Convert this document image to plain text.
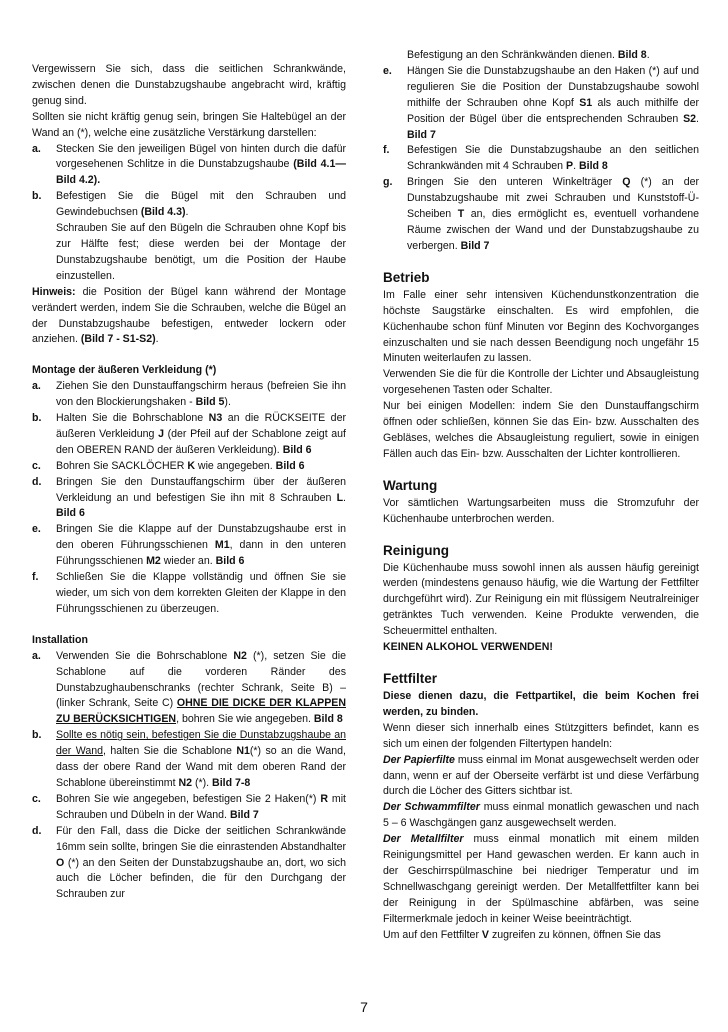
Vergewissern Sie sich, dass die seitlichen Schrankwände, zwischen denen die Dunstabzugshaube angebracht wird, kräftig genug sind.

Sollten sie nicht kräftig genug sein, bringen Sie Haltebügel an der Wand an (*), welche eine zusätzliche Verstärkung darstellen:

a.	Stecken Sie den jeweiligen Bügel von hinten durch die dafür vorgesehenen Schlitze in die Dunstabzugshaube (Bild 4.1—Bild 4.2).
b.	Befestigen Sie die Bügel mit den Schrauben und Gewindebuchsen (Bild 4.3).

Schrauben Sie auf den Bügeln die Schrauben ohne Kopf bis zur Hälfte fest; diese werden bei der Montage der Dunstabzugshaube benötigt, um die Position der Haube einzustellen.

Hinweis: die Position der Bügel kann während der Montage verändert werden, indem Sie die Schrauben, welche die Bügel an der Dunstabzugshaube befestigen, entweder lockern oder anziehen. (Bild 7 - S1-S2).

Montage der äußeren Verkleidung (*)

a.	Ziehen Sie den Dunstauffangschirm heraus (befreien Sie ihn von den Blockierungshaken - Bild 5).
b.	Halten Sie die Bohrschablone N3 an die RÜCKSEITE der äußeren Verkleidung J (der Pfeil auf der Schablone zeigt auf den OBEREN RAND der äußeren Verkleidung). Bild 6
c.	Bohren Sie SACKLÖCHER K wie angegeben. Bild 6
d.	Bringen Sie den Dunstauffangschirm über der äußeren Verkleidung an und befestigen Sie ihn mit 8 Schrauben L. Bild 6
e.	Bringen Sie die Klappe auf der Dunstabzugshaube erst in den oberen Führungsschienen M1, dann in den unteren Führungsschienen M2 wieder an. Bild 6
f.	Schließen Sie die Klappe vollständig und öffnen Sie sie wieder, um sich von dem korrekten Gleiten der Klappe in den Führungsschienen zu überzeugen.

Installation

a.	Verwenden Sie die Bohrschablone N2 (*), setzen Sie die Schablone auf die vorderen Ränder des Dunstabzughaubenschranks (rechter Schrank, Seite B) – (linker Schrank, Seite C) OHNE DIE DICKE DER KLAPPEN ZU BERÜCKSICHTIGEN, bohren Sie wie angegeben. Bild 8
b.	Sollte es nötig sein, befestigen Sie die Dunstabzugshaube an der Wand, halten Sie die Schablone N1(*) so an die Wand, dass der obere Rand der Wand mit dem oberen Rand der Schablone übereinstimmt N2 (*). Bild 7-8
c.	Bohren Sie wie angegeben, befestigen Sie 2 Haken(*) R mit Schrauben und Dübeln in der Wand. Bild 7
d.	Für den Fall, dass die Dicke der seitlichen Schrankwände 16mm sein sollte, bringen Sie die einrastenden Abstandhalter O (*) an den Seiten der Dunstabzugshaube an, dort, wo sich auch die Löcher befinden, die für den Durchgang der Schrauben zur

Befestigung an den Schränkwänden dienen. Bild 8.

e.	Hängen Sie die Dunstabzugshaube an den Haken (*) auf und regulieren Sie die Position der Dunstabzugshaube sowohl mithilfe der Schrauben ohne Kopf S1 als auch mithilfe der Position der Bügel über die entsprechenden Schrauben S2. Bild 7
f.	Befestigen Sie die Dunstabzugshaube an den seitlichen Schrankwänden mit 4 Schrauben P. Bild 8
g.	Bringen Sie den unteren Winkelträger Q (*) an der Dunstabzugshaube mit zwei Schrauben und Kunststoff-Ü-Scheiben T an, dies ermöglicht es, eventuell vorhandene Räume zwischen der Wand und der Dunstabzugshaube zu verbergen. Bild 7
Betrieb

Im Falle einer sehr intensiven Küchendunstkonzentration die höchste Saugstärke einschalten. Es wird empfohlen, die Küchenhaube schon fünf Minuten vor Beginn des Kochvorganges einzuschalten und sie nach dessen Beendigung noch ungefähr 15 Minuten weiterlaufen zu lassen.

Verwenden Sie die für die Kontrolle der Lichter und Absaugleistung vorgesehenen Tasten oder Schalter.

Nur bei einigen Modellen: indem Sie den Dunstauffangschirm öffnen oder schließen, können Sie das Ein- bzw. Ausschalten des Gebläses, welches die Absaugleistung reguliert, sowie in einigen Fällen auch das Ein- bzw. Ausschalten der Lichter kontrollieren.

Wartung

Vor sämtlichen Wartungsarbeiten muss die Stromzufuhr der Küchenhaube unterbrochen werden.

Reinigung

Die Küchenhaube muss sowohl innen als aussen häufig gereinigt werden (mindestens genauso häufig, wie die Wartung der Fettfilter durchgeführt wird). Zur Reinigung ein mit flüssigem Neutralreiniger getränktes Tuch verwenden. Keine Produkte verwenden, die Scheuermittel enthalten.

KEINEN ALKOHOL VERWENDEN!

Fettfilter

Diese dienen dazu, die Fettpartikel, die beim Kochen frei werden, zu binden.

Wenn dieser sich innerhalb eines Stützgitters befindet, kann es sich um einen der folgenden Filtertypen handeln:

Der Papierfilte muss einmal im Monat ausgewechselt werden oder dann, wenn er auf der Oberseite verfärbt ist und diese Verfärbung durch die Löcher des Gitters sichtbar ist.

Der Schwammfilter muss einmal monatlich gewaschen und nach 5 – 6 Waschgängen ganz ausgewechselt werden.

Der Metallfilter muss einmal monatlich mit einem milden Reinigungsmittel per Hand gewaschen werden. Er kann auch in der Geschirrspülmaschine bei niedriger Temperatur und im Schnellwaschgang gereinigt werden. Der Metallfettfilter kann bei der Reinigung in der Spülmaschine abfärben, was seine Filtermerkmale jedoch in keiner Weise beeinträchtigt.

Um auf den Fettfilter V zugreifen zu können, öffnen Sie das

7
